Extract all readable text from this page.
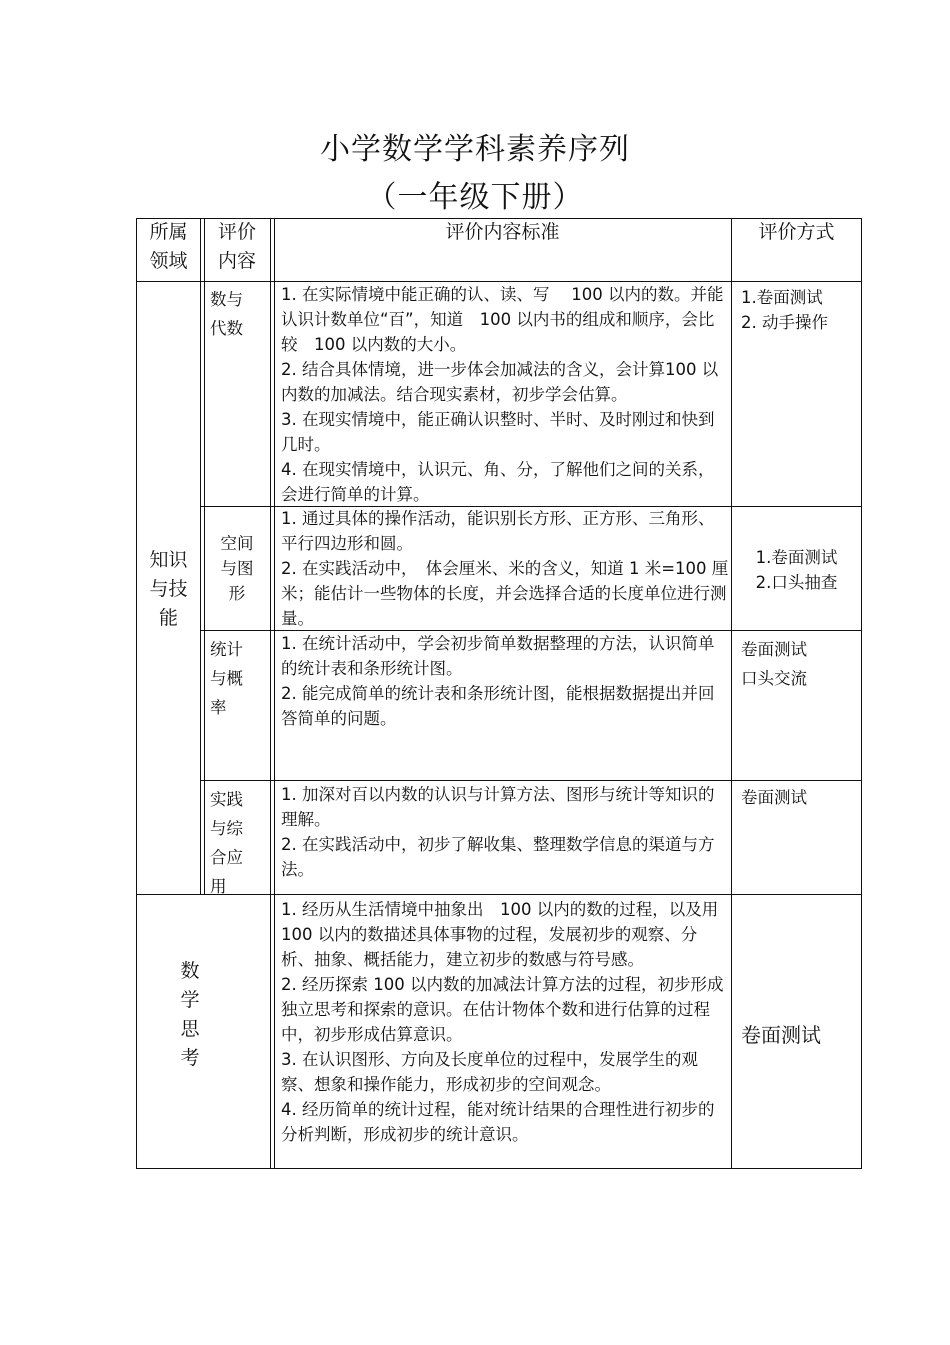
小学数学学科素养序列
（一年级下册）
所属
领域
评价
内容
评价内容标准	评价方式
知识
与技
能
数与
代数

1. 在实际情境中能正确的认、读、写　 100 以内的数。并能认识计数单位“百”，知道　100 以内书的组成和顺序，会比较　100 以内数的大小。

2. 结合具体情境，进一步体会加减法的含义，会计算100 以内数的加减法。结合现实素材，初步学会估算。

3. 在现实情境中，能正确认识整时、半时、及时刚过和快到几时。

4. 在现实情境中，认识元、角、分，了解他们之间的关系，会进行简单的计算。

1.卷面测试
2. 动手操作
空间
与图
形

1. 通过具体的操作活动，能识别长方形、正方形、三角形、平行四边形和圆。

2. 在实践活动中，　体会厘米、米的含义，知道 1 米=100 厘米；能估计一些物体的长度，并会选择合适的长度单位进行测量。

1.卷面测试
2.口头抽查
统计
与概
率

1. 在统计活动中，学会初步简单数据整理的方法，认识简单的统计表和条形统计图。

2. 能完成简单的统计表和条形统计图，能根据数据提出并回答简单的问题。

卷面测试
口头交流
实践
与综
合应
用

1. 加深对百以内数的认识与计算方法、图形与统计等知识的理解。

2. 在实践活动中，初步了解收集、整理数学信息的渠道与方法。

卷面测试
数
学
思
考

1. 经历从生活情境中抽象出　100 以内的数的过程，以及用 100 以内的数描述具体事物的过程，发展初步的观察、分析、抽象、概括能力，建立初步的数感与符号感。

2. 经历探索 100 以内数的加减法计算方法的过程，初步形成独立思考和探索的意识。在估计物体个数和进行估算的过程中，初步形成估算意识。

3. 在认识图形、方向及长度单位的过程中，发展学生的观察、想象和操作能力，形成初步的空间观念。

4. 经历简单的统计过程，能对统计结果的合理性进行初步的分析判断，形成初步的统计意识。

卷面测试
